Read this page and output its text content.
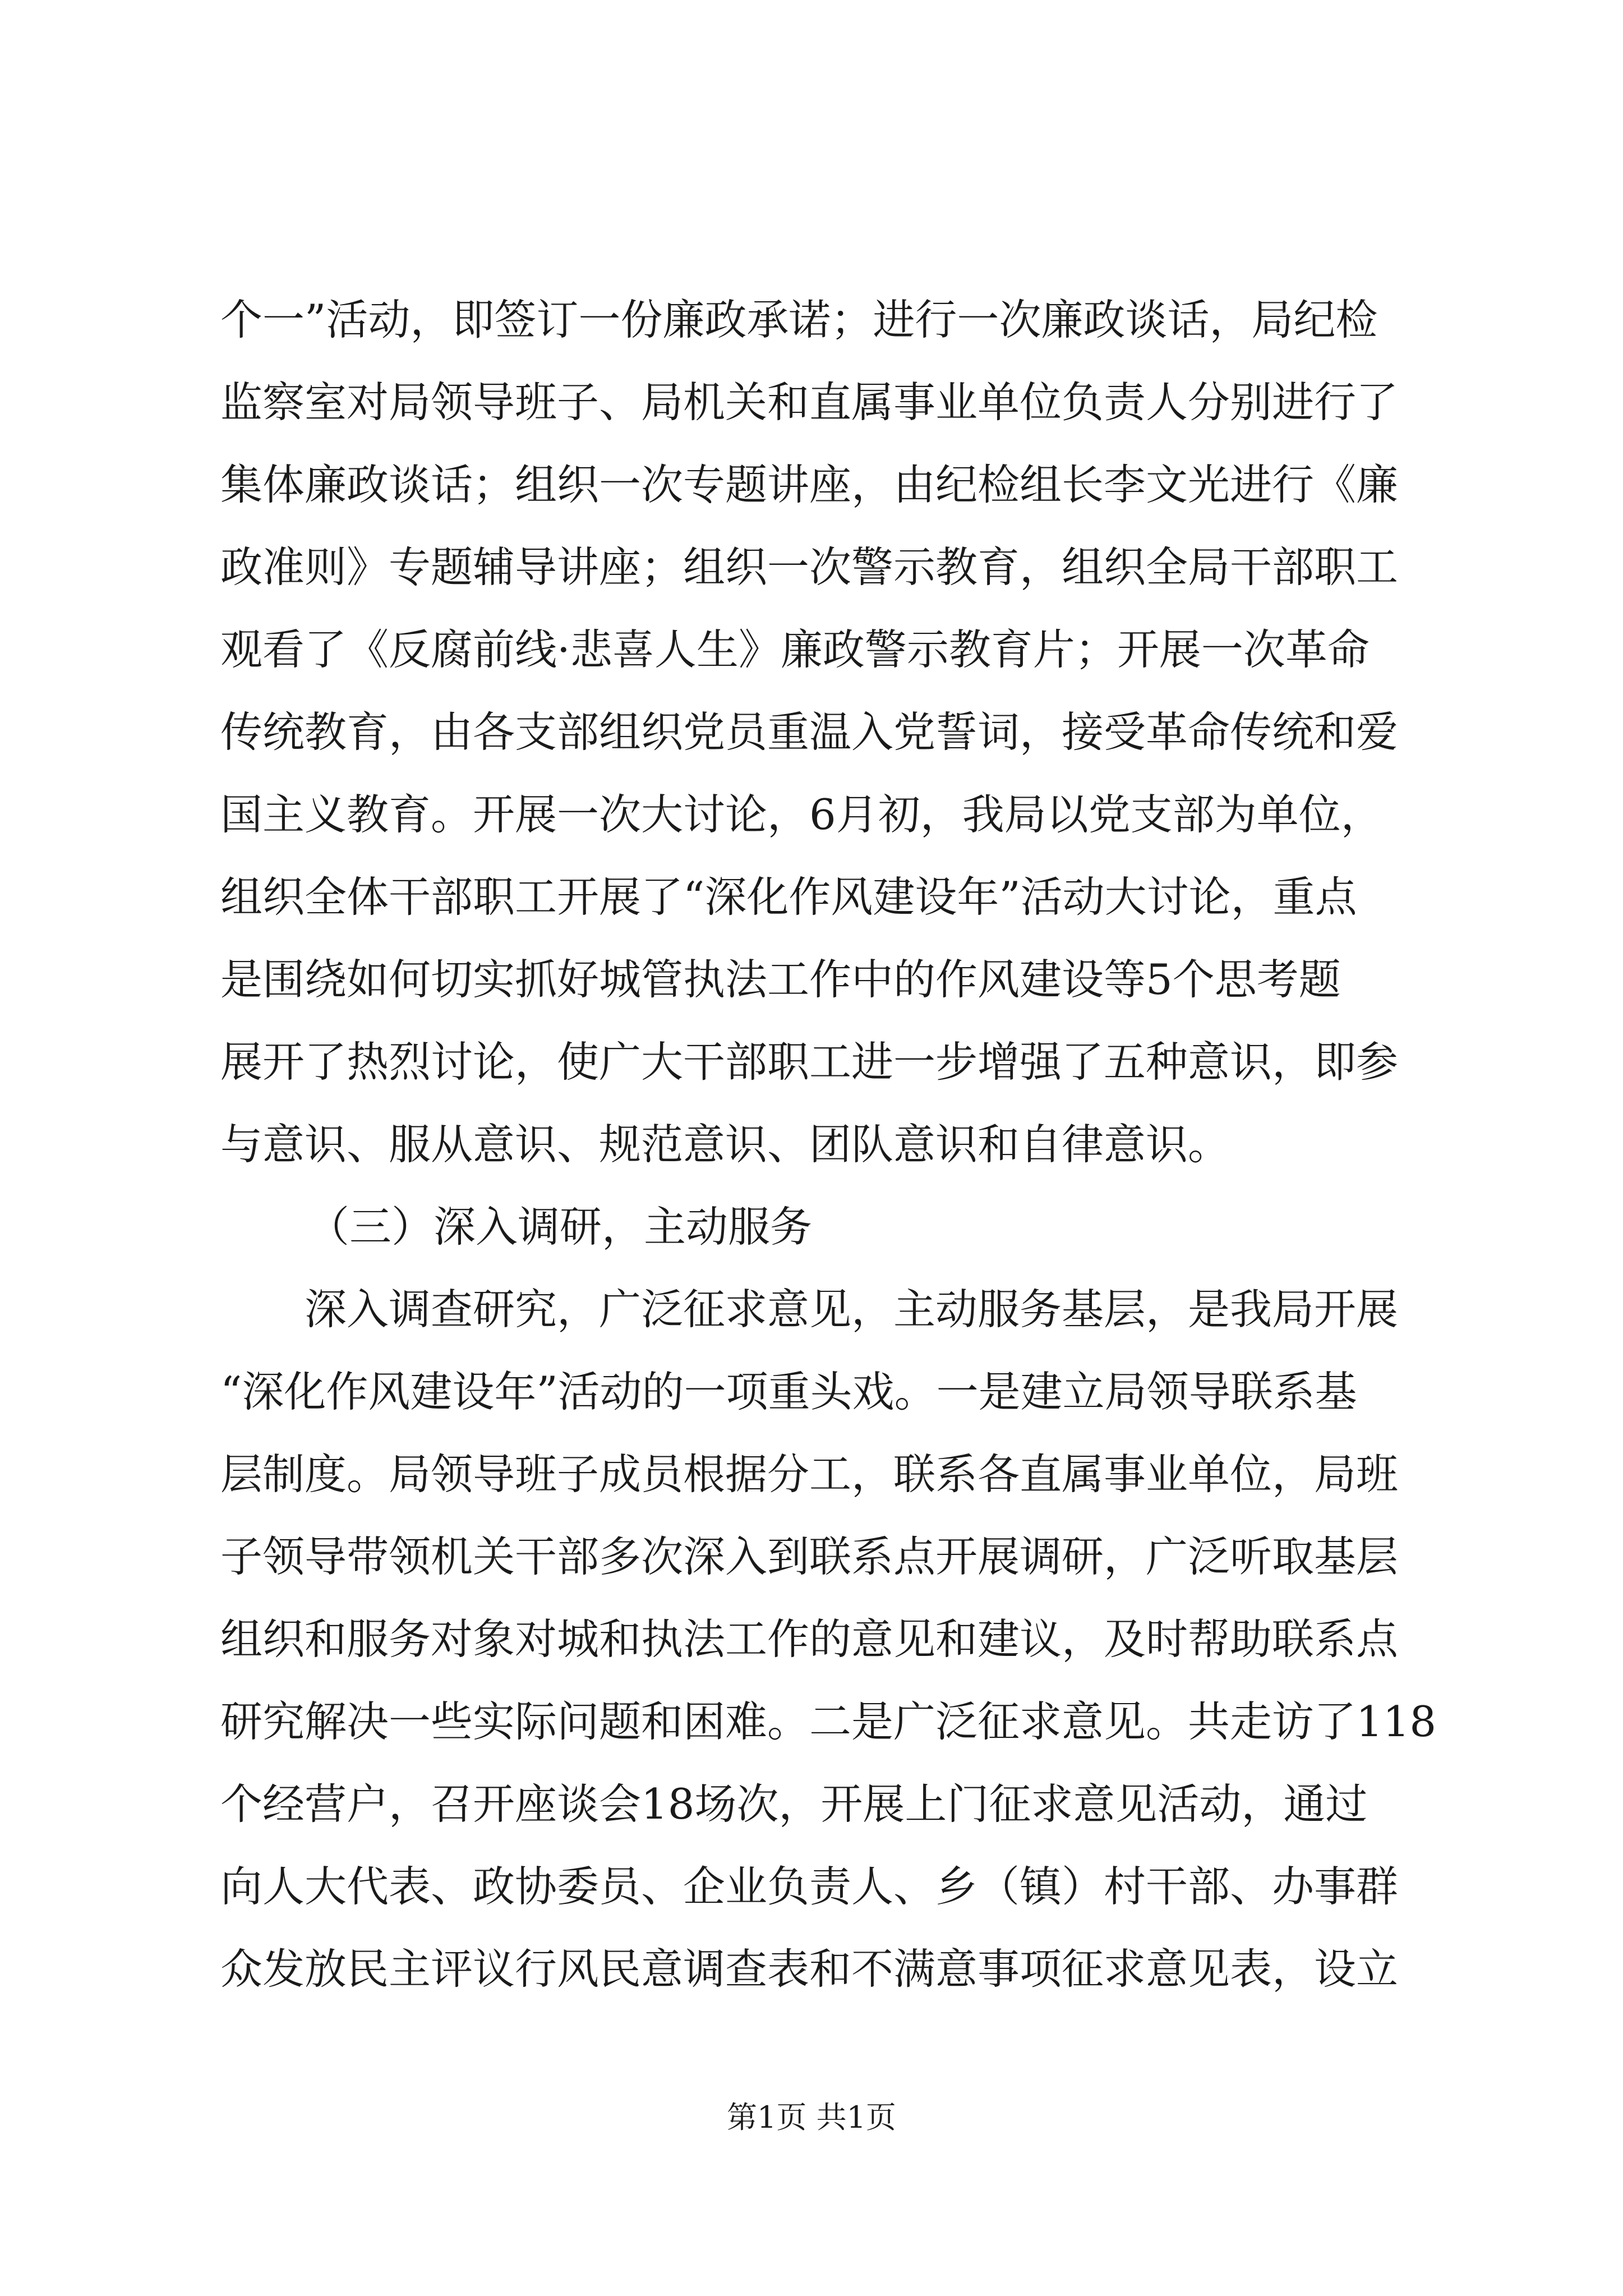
个一”活动，即签订一份廉政承诺；进行一次廉政谈话，局纪检
监察室对局领导班子、局机关和直属事业单位负责人分别进行了
集体廉政谈话；组织一次专题讲座，由纪检组长李文光进行《廉
政准则》专题辅导讲座；组织一次警示教育，组织全局干部职工
观看了《反腐前线·悲喜人生》廉政警示教育片；开展一次革命
传统教育，由各支部组织党员重温入党誓词，接受革命传统和爱
国主义教育。开展一次大讨论，6月初，我局以党支部为单位，
组织全体干部职工开展了“深化作风建设年”活动大讨论，重点
是围绕如何切实抓好城管执法工作中的作风建设等5个思考题
展开了热烈讨论，使广大干部职工进一步增强了五种意识，即参
与意识、服从意识、规范意识、团队意识和自律意识。
（三）深入调研，主动服务
深入调查研究，广泛征求意见，主动服务基层，是我局开展
“深化作风建设年”活动的一项重头戏。一是建立局领导联系基
层制度。局领导班子成员根据分工，联系各直属事业单位，局班
子领导带领机关干部多次深入到联系点开展调研，广泛听取基层
组织和服务对象对城和执法工作的意见和建议，及时帮助联系点
研究解决一些实际问题和困难。二是广泛征求意见。共走访了118
个经营户，召开座谈会18场次，开展上门征求意见活动，通过
向人大代表、政协委员、企业负责人、乡（镇）村干部、办事群
众发放民主评议行风民意调查表和不满意事项征求意见表，设立
第1页 共1页
